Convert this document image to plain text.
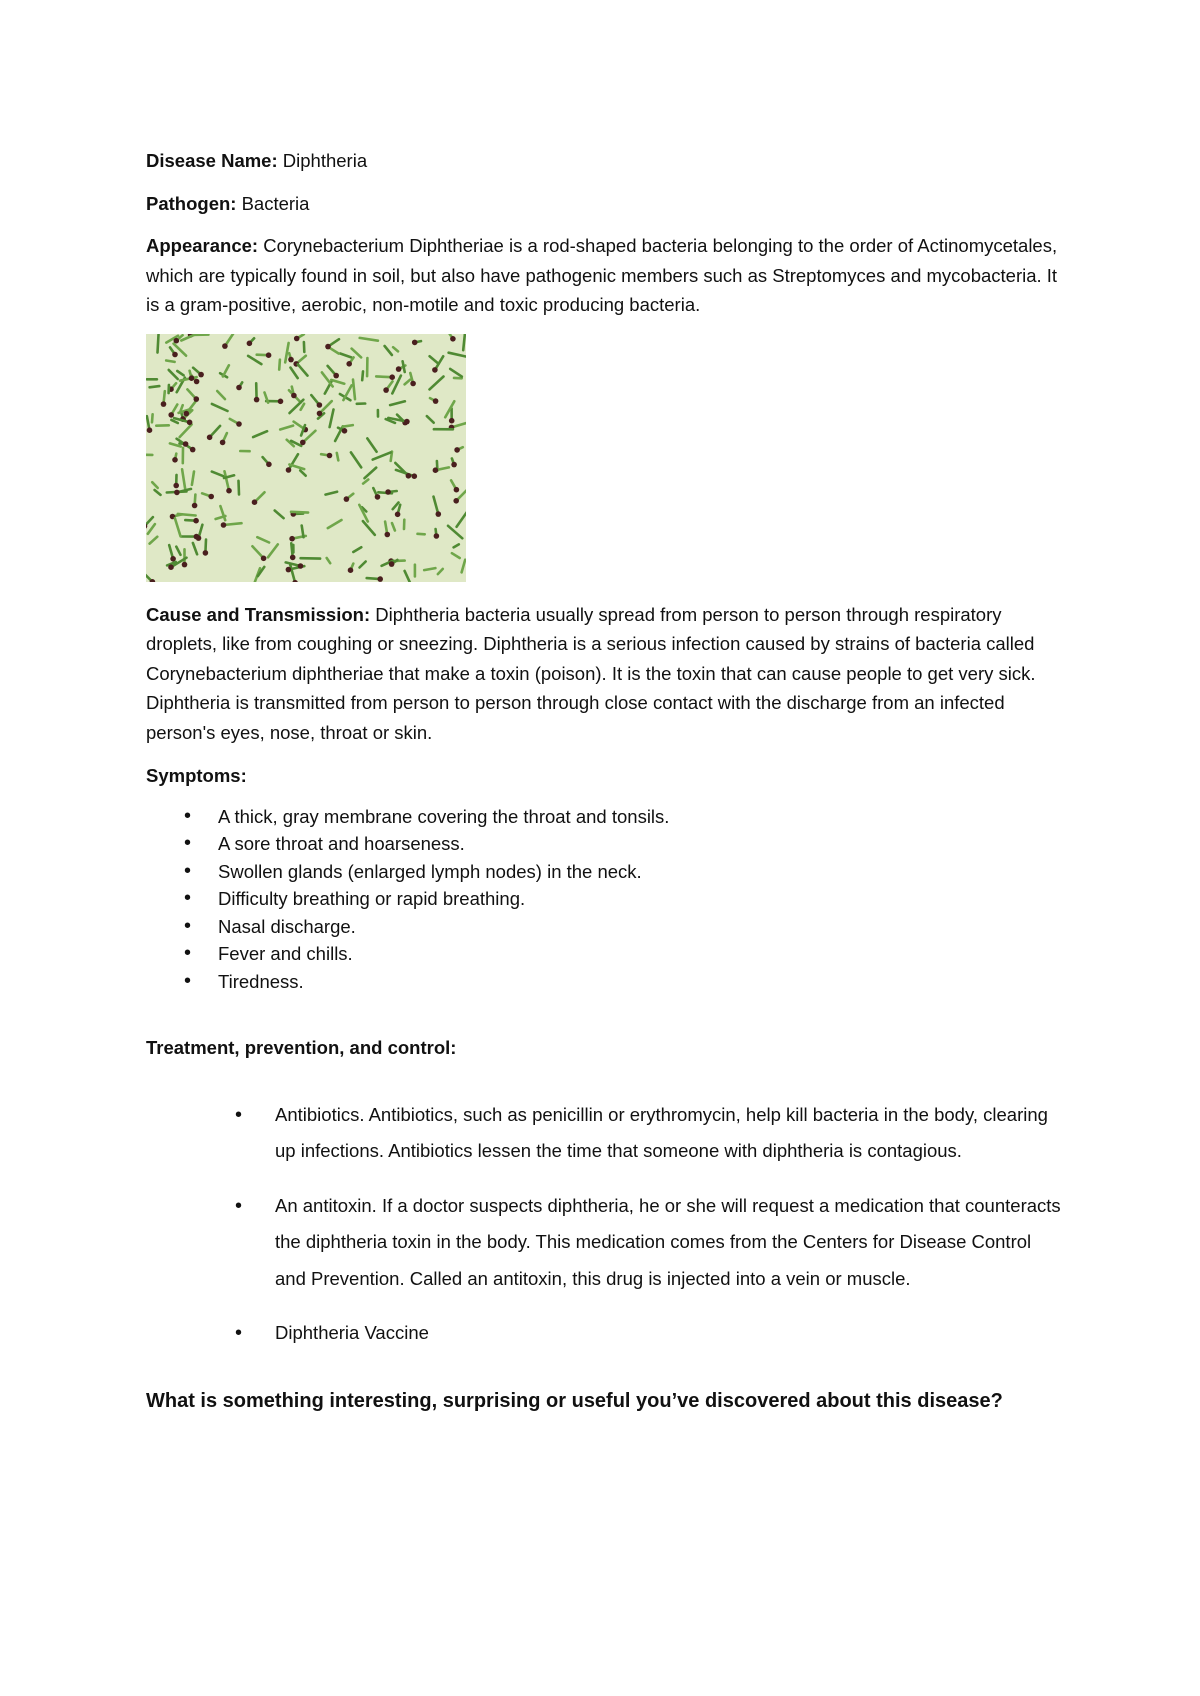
Disease Name: Diphtheria

Pathogen: Bacteria

Appearance: Corynebacterium Diphtheriae is a rod-shaped bacteria belonging to the order of Actinomycetales, which are typically found in soil, but also have pathogenic members such as Streptomyces and mycobacteria. It is a gram-positive, aerobic, non-motile and toxic producing bacteria.

Cause and Transmission: Diphtheria bacteria usually spread from person to person through respiratory droplets, like from coughing or sneezing. Diphtheria is a serious infection caused by strains of bacteria called Corynebacterium diphtheriae that make a toxin (poison). It is the toxin that can cause people to get very sick. Diphtheria is transmitted from person to person through close contact with the discharge from an infected person's eyes, nose, throat or skin.

Symptoms:

• A thick, gray membrane covering the throat and tonsils.
• A sore throat and hoarseness.
• Swollen glands (enlarged lymph nodes) in the neck.
• Difficulty breathing or rapid breathing.
• Nasal discharge.
• Fever and chills.
• Tiredness.

Treatment, prevention, and control:

• Antibiotics. Antibiotics, such as penicillin or erythromycin, help kill bacteria in the body, clearing up infections. Antibiotics lessen the time that someone with diphtheria is contagious.
• An antitoxin. If a doctor suspects diphtheria, he or she will request a medication that counteracts the diphtheria toxin in the body. This medication comes from the Centers for Disease Control and Prevention. Called an antitoxin, this drug is injected into a vein or muscle.
• Diphtheria Vaccine

What is something interesting, surprising or useful you’ve discovered about this disease?
